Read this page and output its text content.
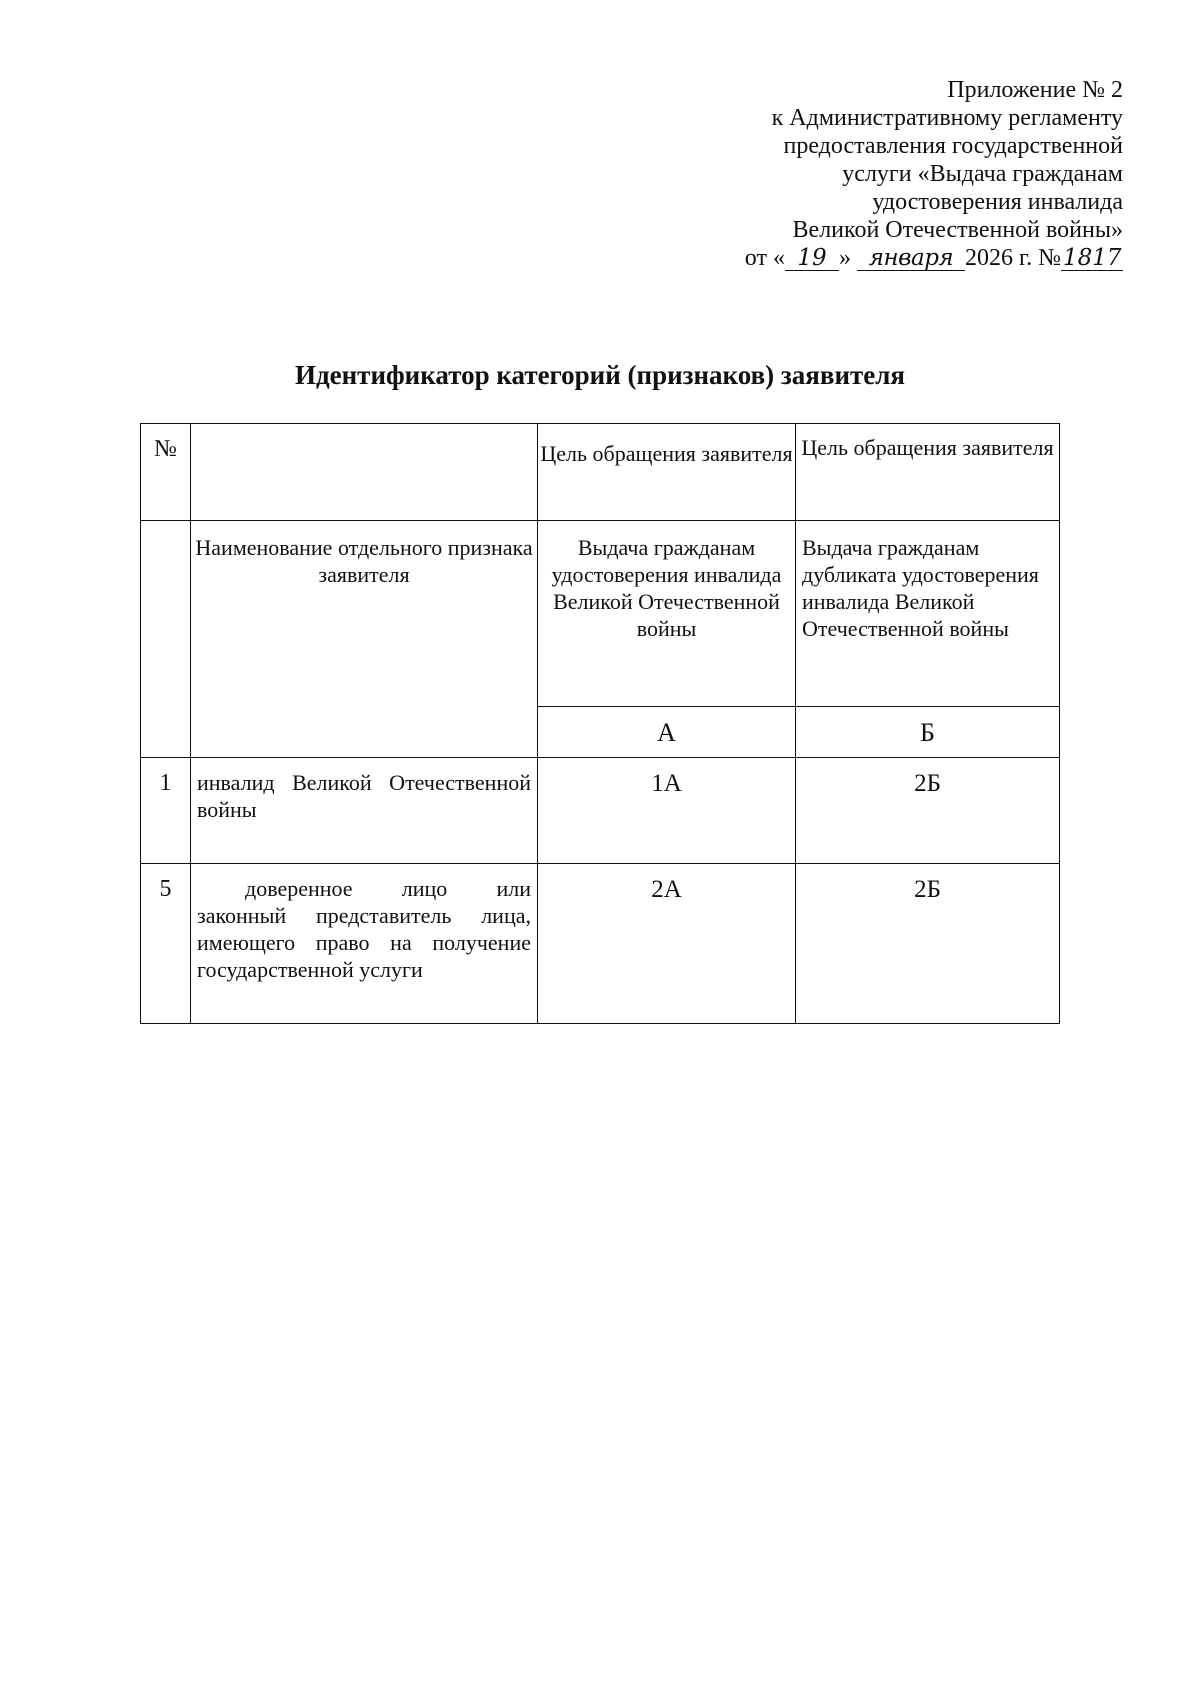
Приложение № 2
к Административному регламенту
предоставления государственной
услуги «Выдача гражданам
удостоверения инвалида
Великой Отечественной войны»
от « 19 » января 2026 г. №1817
Идентификатор категорий (признаков) заявителя
№		Цель обращения заявителя	Цель обращения заявителя
	Наименование отдельного признака заявителя	Выдача гражданам удостоверения инвалида Великой Отечественной войны	Выдача гражданам дубликата удостоверения инвалида Великой Отечественной войны
		А	Б
1	инвалид Великой Отечественной войны	1А	2Б
5	доверенное лицо или законный представитель лица, имеющего право на получение государственной услуги	2А	2Б
